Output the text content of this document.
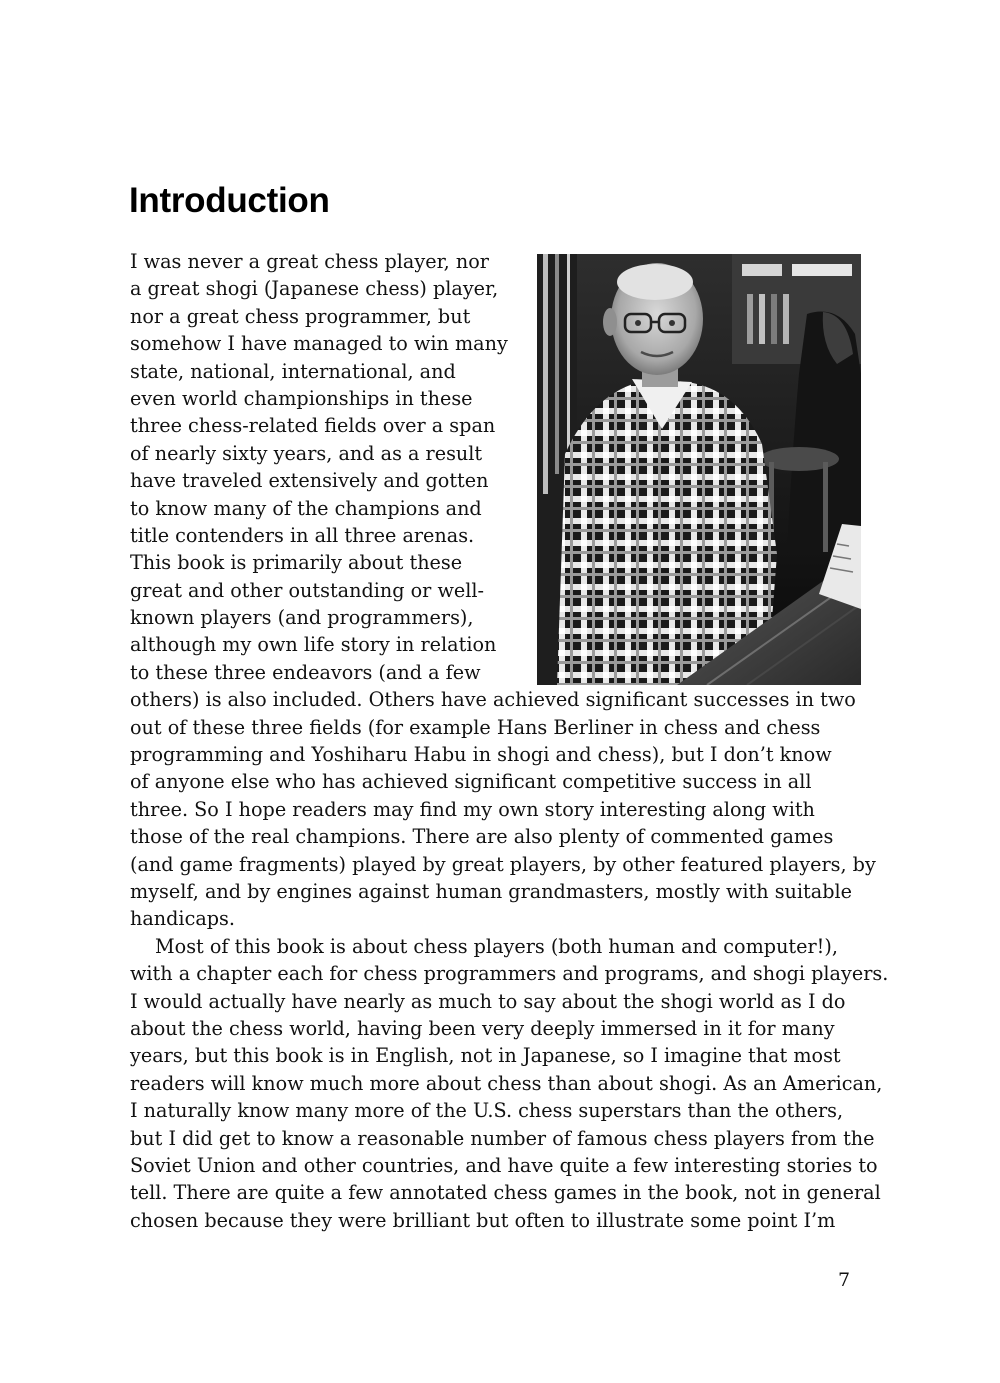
Introduction
I was never a great chess player, nor
a great shogi (Japanese chess) player,
nor a great chess programmer, but
somehow I have managed to win many
state, national, international, and
even world championships in these
three chess-related fields over a span
of nearly sixty years, and as a result
have traveled extensively and gotten
to know many of the champions and
title contenders in all three arenas.
This book is primarily about these
great and other outstanding or well-
known players (and programmers),
although my own life story in relation
to these three endeavors (and a few
others) is also included. Others have achieved significant successes in two
out of these three fields (for example Hans Berliner in chess and chess
programming and Yoshiharu Habu in shogi and chess), but I don’t know
of anyone else who has achieved significant competitive success in all
three. So I hope readers may find my own story interesting along with
those of the real champions. There are also plenty of commented games
(and game fragments) played by great players, by other featured players, by
myself, and by engines against human grandmasters, mostly with suitable
handicaps.
Most of this book is about chess players (both human and computer!),
with a chapter each for chess programmers and programs, and shogi players.
I would actually have nearly as much to say about the shogi world as I do
about the chess world, having been very deeply immersed in it for many
years, but this book is in English, not in Japanese, so I imagine that most
readers will know much more about chess than about shogi. As an American,
I naturally know many more of the U.S. chess superstars than the others,
but I did get to know a reasonable number of famous chess players from the
Soviet Union and other countries, and have quite a few interesting stories to
tell. There are quite a few annotated chess games in the book, not in general
chosen because they were brilliant but often to illustrate some point I’m
7
